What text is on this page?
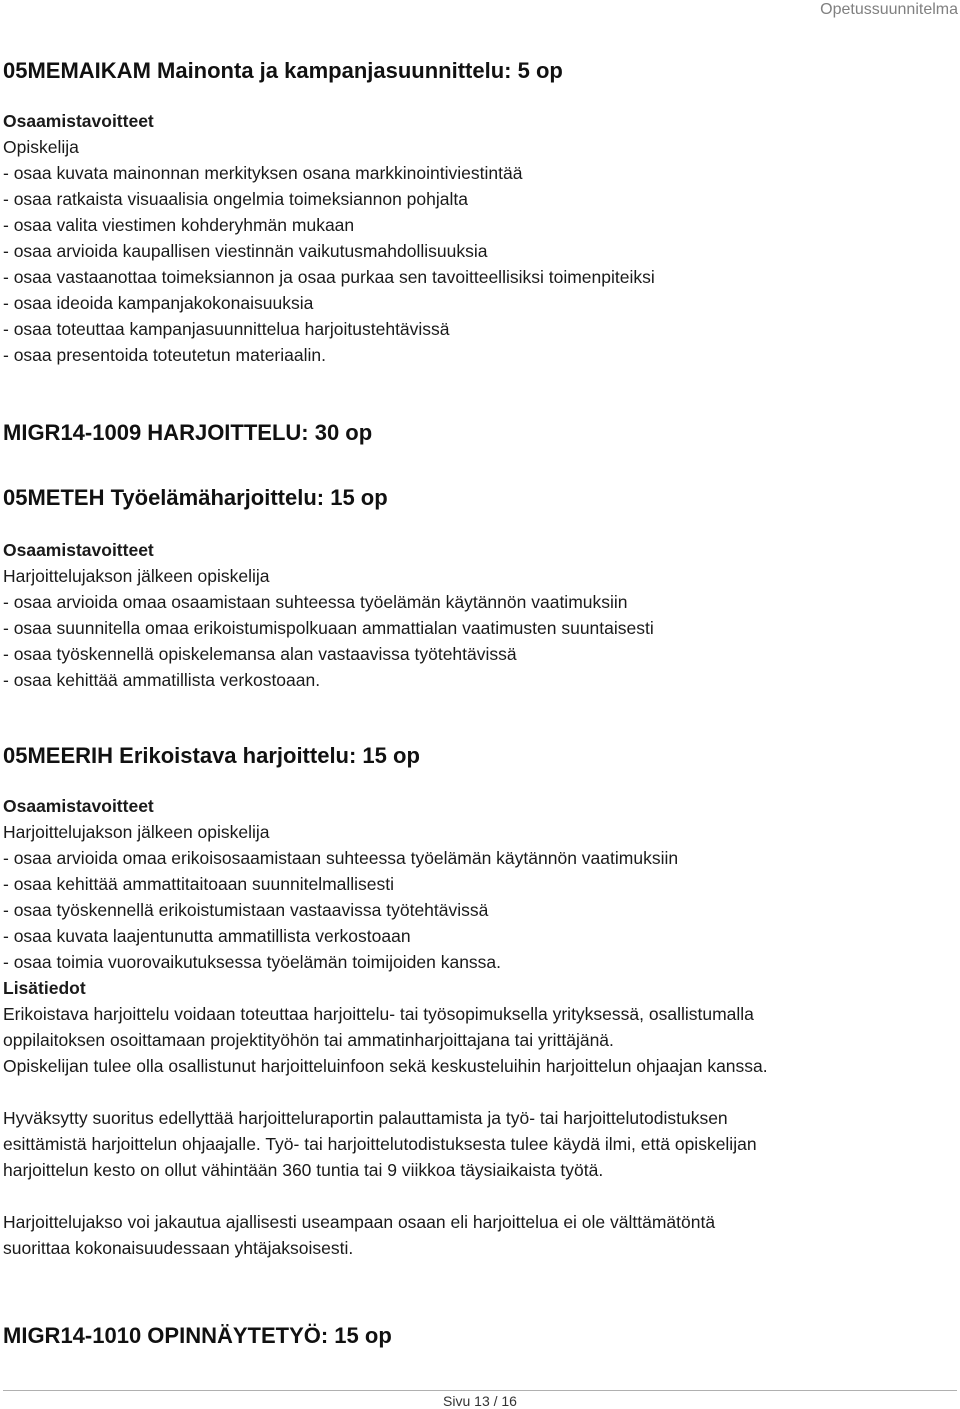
Opetussuunnitelma
05MEMAIKAM Mainonta ja kampanjasuunnittelu: 5 op
Osaamistavoitteet
Opiskelija
- osaa kuvata mainonnan merkityksen osana markkinointiviestintää
- osaa ratkaista visuaalisia ongelmia toimeksiannon pohjalta
- osaa valita viestimen kohderyhmän mukaan
- osaa arvioida kaupallisen viestinnän vaikutusmahdollisuuksia
- osaa vastaanottaa toimeksiannon ja osaa purkaa sen tavoitteellisiksi toimenpiteiksi
- osaa ideoida kampanjakokonaisuuksia
- osaa toteuttaa kampanjasuunnittelua harjoitustehtävissä
- osaa presentoida toteutetun materiaalin.
MIGR14-1009 HARJOITTELU: 30 op
05METEH Työelämäharjoittelu: 15 op
Osaamistavoitteet
Harjoittelujakson jälkeen opiskelija
- osaa arvioida omaa osaamistaan suhteessa työelämän käytännön vaatimuksiin
- osaa suunnitella omaa erikoistumispolkuaan ammattialan vaatimusten suuntaisesti
- osaa työskennellä opiskelemansa alan vastaavissa työtehtävissä
- osaa kehittää ammatillista verkostoaan.
05MEERIH Erikoistava harjoittelu: 15 op
Osaamistavoitteet
Harjoittelujakson jälkeen opiskelija
- osaa arvioida omaa erikoisosaamistaan suhteessa työelämän käytännön vaatimuksiin
- osaa kehittää ammattitaitoaan suunnitelmallisesti
- osaa työskennellä erikoistumistaan vastaavissa työtehtävissä
- osaa kuvata laajentunutta ammatillista verkostoaan
- osaa toimia vuorovaikutuksessa työelämän toimijoiden kanssa.
Lisätiedot
Erikoistava harjoittelu voidaan toteuttaa harjoittelu- tai työsopimuksella yrityksessä, osallistumalla
oppilaitoksen osoittamaan projektityöhön tai ammatinharjoittajana tai yrittäjänä.
Opiskelijan tulee olla osallistunut harjoitteluinfoon sekä keskusteluihin harjoittelun ohjaajan kanssa.
Hyväksytty suoritus edellyttää harjoitteluraportin palauttamista ja työ- tai harjoittelutodistuksen
esittämistä harjoittelun ohjaajalle. Työ- tai harjoittelutodistuksesta tulee käydä ilmi, että opiskelijan
harjoittelun kesto on ollut vähintään 360 tuntia tai 9 viikkoa täysiaikaista työtä.
Harjoittelujakso voi jakautua ajallisesti useampaan osaan eli harjoittelua ei ole välttämätöntä
suorittaa kokonaisuudessaan yhtäjaksoisesti.
MIGR14-1010 OPINNÄYTETYÖ: 15 op
Sivu 13 / 16
